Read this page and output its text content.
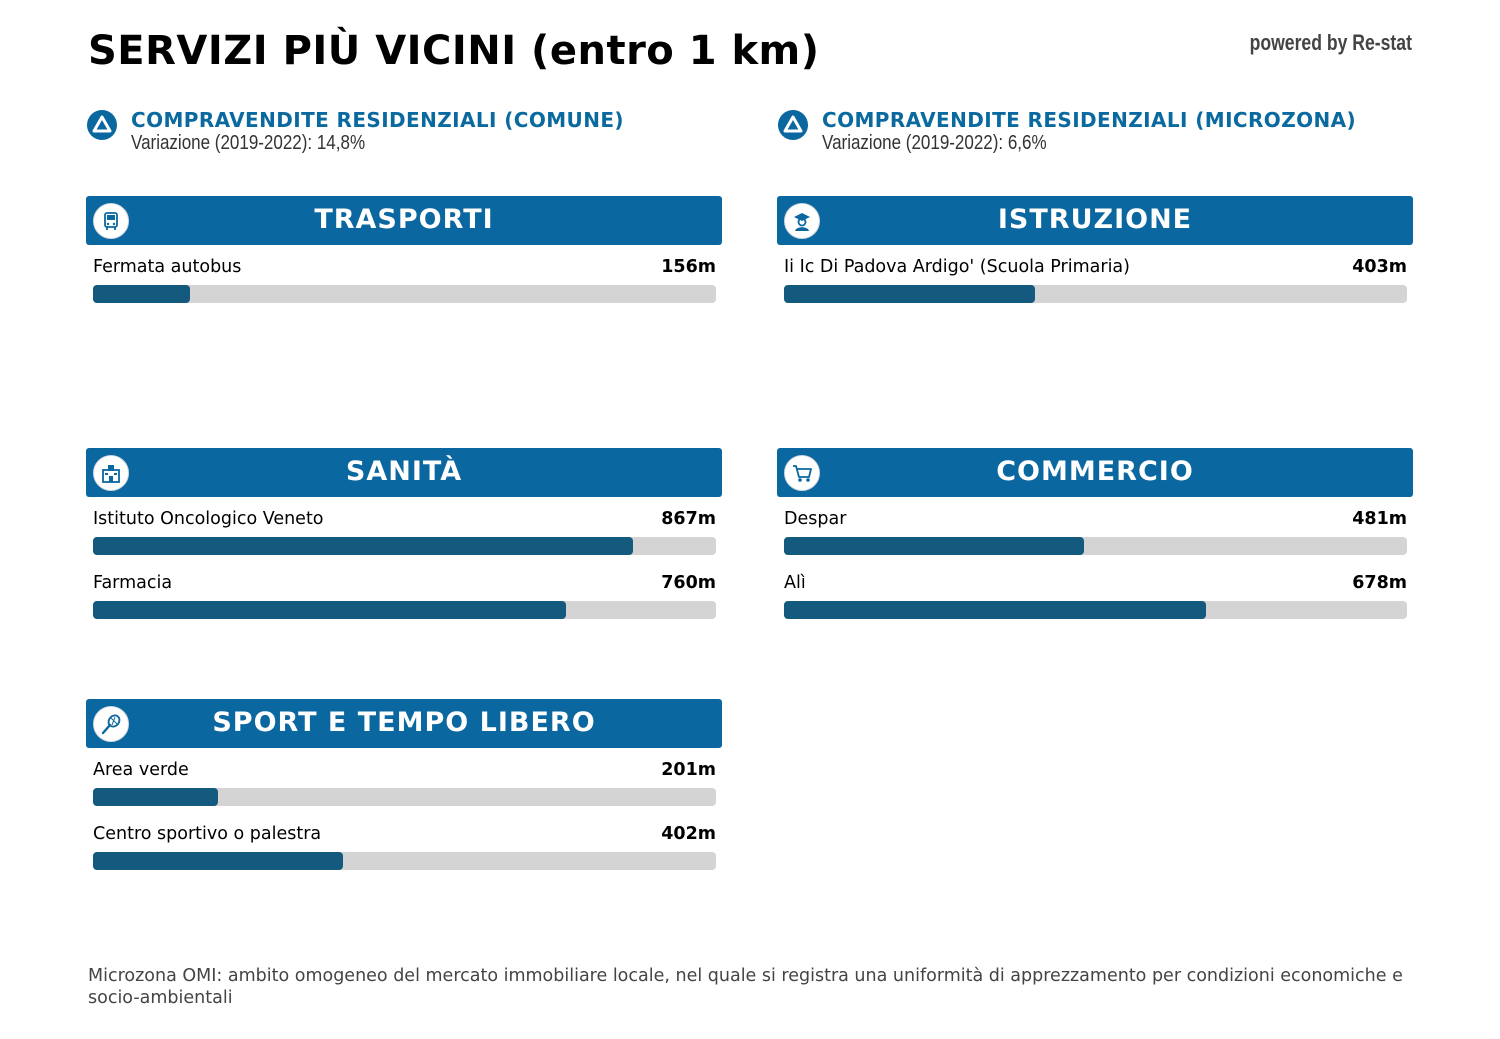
SERVIZI PIÙ VICINI (entro 1 km)	powered by Re-stat
COMPRAVENDITE RESIDENZIALI (COMUNE)
Variazione (2019-2022): 14,8%
COMPRAVENDITE RESIDENZIALI (MICROZONA)
Variazione (2019-2022): 6,6%
TRASPORTI
Fermata autobus	156m
ISTRUZIONE
Ii Ic Di Padova Ardigo' (Scuola Primaria)	403m
SANITÀ
Istituto Oncologico Veneto	867m
Farmacia	760m
COMMERCIO
Despar	481m
Alì	678m
SPORT E TEMPO LIBERO
Area verde	201m
Centro sportivo o palestra	402m
Microzona OMI: ambito omogeneo del mercato immobiliare locale, nel quale si registra una uniformità di apprezzamento per condizioni economiche e socio-ambientali
